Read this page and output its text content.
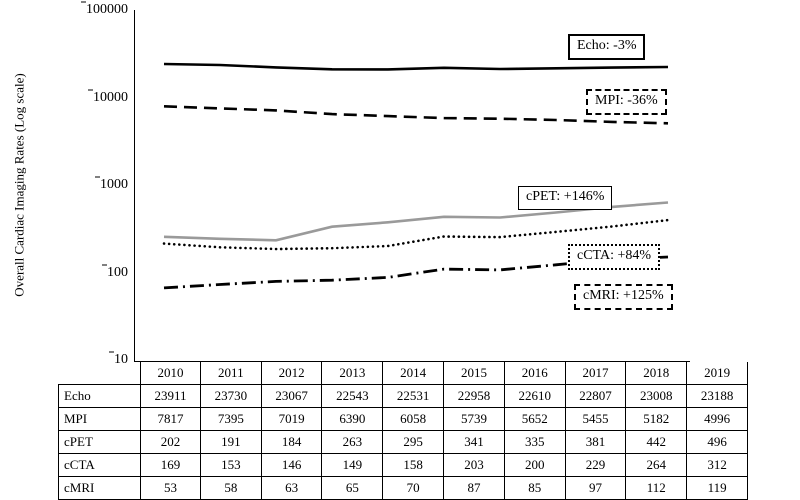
Overall Cardiac Imaging Rates (Log scale)
100000
10000
1000
100
10
Echo: -3%
MPI: -36%
cPET: +146%
cCTA: +84%
cMRI: +125%
	2010	2011	2012	2013	2014	2015	2016	2017	2018	2019
Echo	23911	23730	23067	22543	22531	22958	22610	22807	23008	23188
MPI	7817	7395	7019	6390	6058	5739	5652	5455	5182	4996
cPET	202	191	184	263	295	341	335	381	442	496
cCTA	169	153	146	149	158	203	200	229	264	312
cMRI	53	58	63	65	70	87	85	97	112	119
